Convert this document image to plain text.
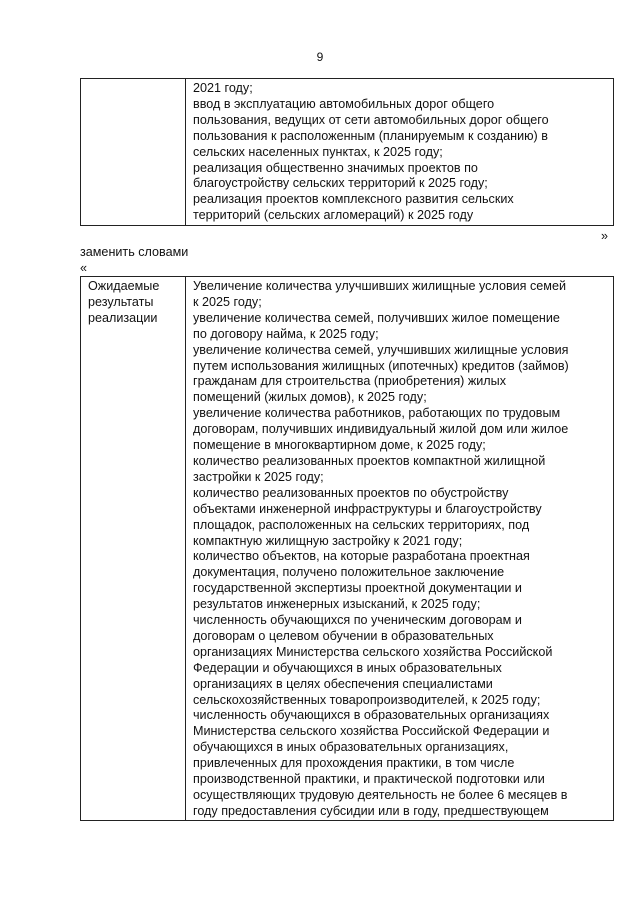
9

2021 году;
ввод в эксплуатацию автомобильных дорог общего
пользования, ведущих от сети автомобильных дорог общего
пользования к расположенным (планируемым к созданию) в
сельских населенных пунктах, к 2025 году;
реализация общественно значимых проектов по
благоустройству сельских территорий к 2025 году;
реализация проектов комплексного развития сельских
территорий (сельских агломераций) к 2025 году
»
заменить словами
«
Ожидаемые
результаты
реализации

Увеличение количества улучшивших жилищные условия семей
к 2025 году;
увеличение количества семей, получивших жилое помещение
по договору найма, к 2025 году;
увеличение количества семей, улучшивших жилищные условия
путем использования жилищных (ипотечных) кредитов (займов)
гражданам для строительства (приобретения) жилых
помещений (жилых домов), к 2025 году;
увеличение количества работников, работающих по трудовым
договорам, получивших индивидуальный жилой дом или жилое
помещение в многоквартирном доме, к 2025 году;
количество реализованных проектов компактной жилищной
застройки к 2025 году;
количество реализованных проектов по обустройству
объектами инженерной инфраструктуры и благоустройству
площадок, расположенных на сельских территориях, под
компактную жилищную застройку к 2021 году;
количество объектов, на которые разработана проектная
документация, получено положительное заключение
государственной экспертизы проектной документации и
результатов инженерных изысканий, к 2025 году;
численность обучающихся по ученическим договорам и
договорам о целевом обучении в образовательных
организациях Министерства сельского хозяйства Российской
Федерации и обучающихся в иных образовательных
организациях в целях обеспечения специалистами
сельскохозяйственных товаропроизводителей, к 2025 году;
численность обучающихся в образовательных организациях
Министерства сельского хозяйства Российской Федерации и
обучающихся в иных образовательных организациях,
привлеченных для прохождения практики, в том числе
производственной практики, и практической подготовки или
осуществляющих трудовую деятельность не более 6 месяцев в
году предоставления субсидии или в году, предшествующем
